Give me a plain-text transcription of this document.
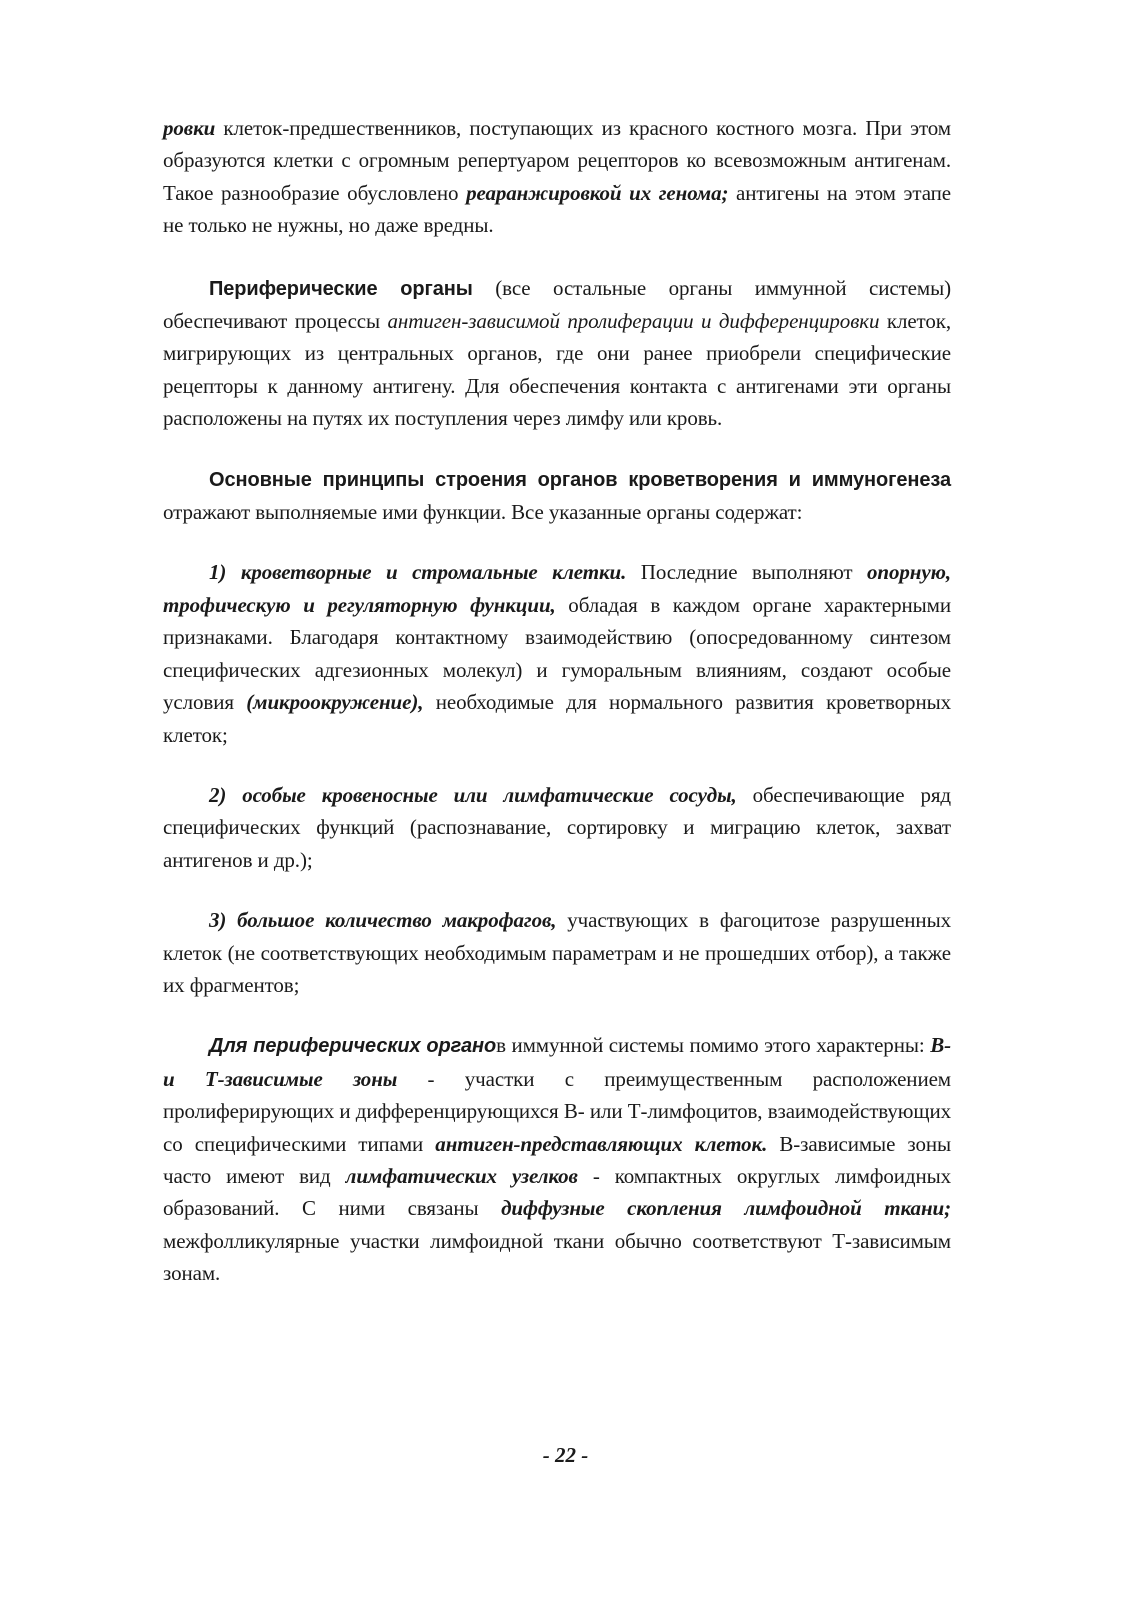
ровки клеток-предшественников, поступающих из красного костного мозга. При этом образуются клетки с огромным репертуаром рецепторов ко всевозможным антигенам. Такое разнообразие обусловлено реаранжировкой их генома; антигены на этом этапе не только не нужны, но даже вредны.

Периферические органы (все остальные органы иммунной системы) обеспечивают процессы антиген-зависимой пролиферации и дифференцировки клеток, мигрирующих из центральных органов, где они ранее приобрели специфические рецепторы к данному антигену. Для обеспечения контакта с антигенами эти органы расположены на путях их поступления через лимфу или кровь.

Основные принципы строения органов кроветворения и иммуногенеза отражают выполняемые ими функции. Все указанные органы содержат:

1) кроветворные и стромальные клетки. Последние выполняют опорную, трофическую и регуляторную функции, обладая в каждом органе характерными признаками. Благодаря контактному взаимодействию (опосредованному синтезом специфических адгезионных молекул) и гуморальным влияниям, создают особые условия (микроокружение), необходимые для нормального развития кроветворных клеток;

2) особые кровеносные или лимфатические сосуды, обеспечивающие ряд специфических функций (распознавание, сортировку и миграцию клеток, захват антигенов и др.);

3) большое количество макрофагов, участвующих в фагоцитозе разрушенных клеток (не соответствующих необходимым параметрам и не прошедших отбор), а также их фрагментов;

Для периферических органов иммунной системы помимо этого характерны: В- и Т-зависимые зоны - участки с преимущественным расположением пролиферирующих и дифференцирующихся В- или Т-лимфоцитов, взаимодействующих со специфическими типами антиген-представляющих клеток. В-зависимые зоны часто имеют вид лимфатических узелков - компактных округлых лимфоидных образований. С ними связаны диффузные скопления лимфоидной ткани; межфолликулярные участки лимфоидной ткани обычно соответствуют Т-зависимым зонам.

- 22 -
